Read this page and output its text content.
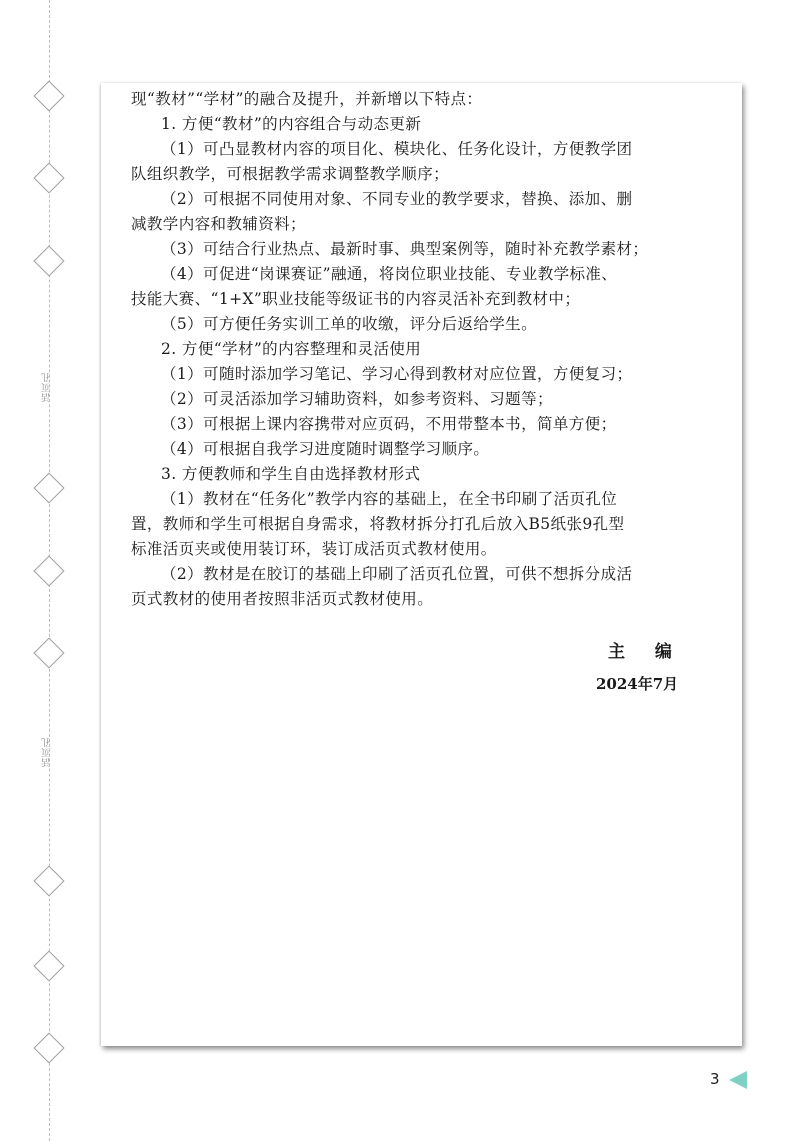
活页孔
活页孔
现“教材”“学材”的融合及提升，并新增以下特点：
1. 方便“教材”的内容组合与动态更新
（1）可凸显教材内容的项目化、模块化、任务化设计，方便教学团
队组织教学，可根据教学需求调整教学顺序；
（2）可根据不同使用对象、不同专业的教学要求，替换、添加、删
减教学内容和教辅资料；
（3）可结合行业热点、最新时事、典型案例等，随时补充教学素材；
（4）可促进“岗课赛证”融通，将岗位职业技能、专业教学标准、
技能大赛、“1+X”职业技能等级证书的内容灵活补充到教材中；
（5）可方便任务实训工单的收缴，评分后返给学生。
2. 方便“学材”的内容整理和灵活使用
（1）可随时添加学习笔记、学习心得到教材对应位置，方便复习；
（2）可灵活添加学习辅助资料，如参考资料、习题等；
（3）可根据上课内容携带对应页码，不用带整本书，简单方便；
（4）可根据自我学习进度随时调整学习顺序。
3. 方便教师和学生自由选择教材形式
（1）教材在“任务化”教学内容的基础上，在全书印刷了活页孔位
置，教师和学生可根据自身需求，将教材拆分打孔后放入B5纸张9孔型
标准活页夹或使用装订环，装订成活页式教材使用。
（2）教材是在胶订的基础上印刷了活页孔位置，可供不想拆分成活
页式教材的使用者按照非活页式教材使用。
主 编
2024年7月
3
